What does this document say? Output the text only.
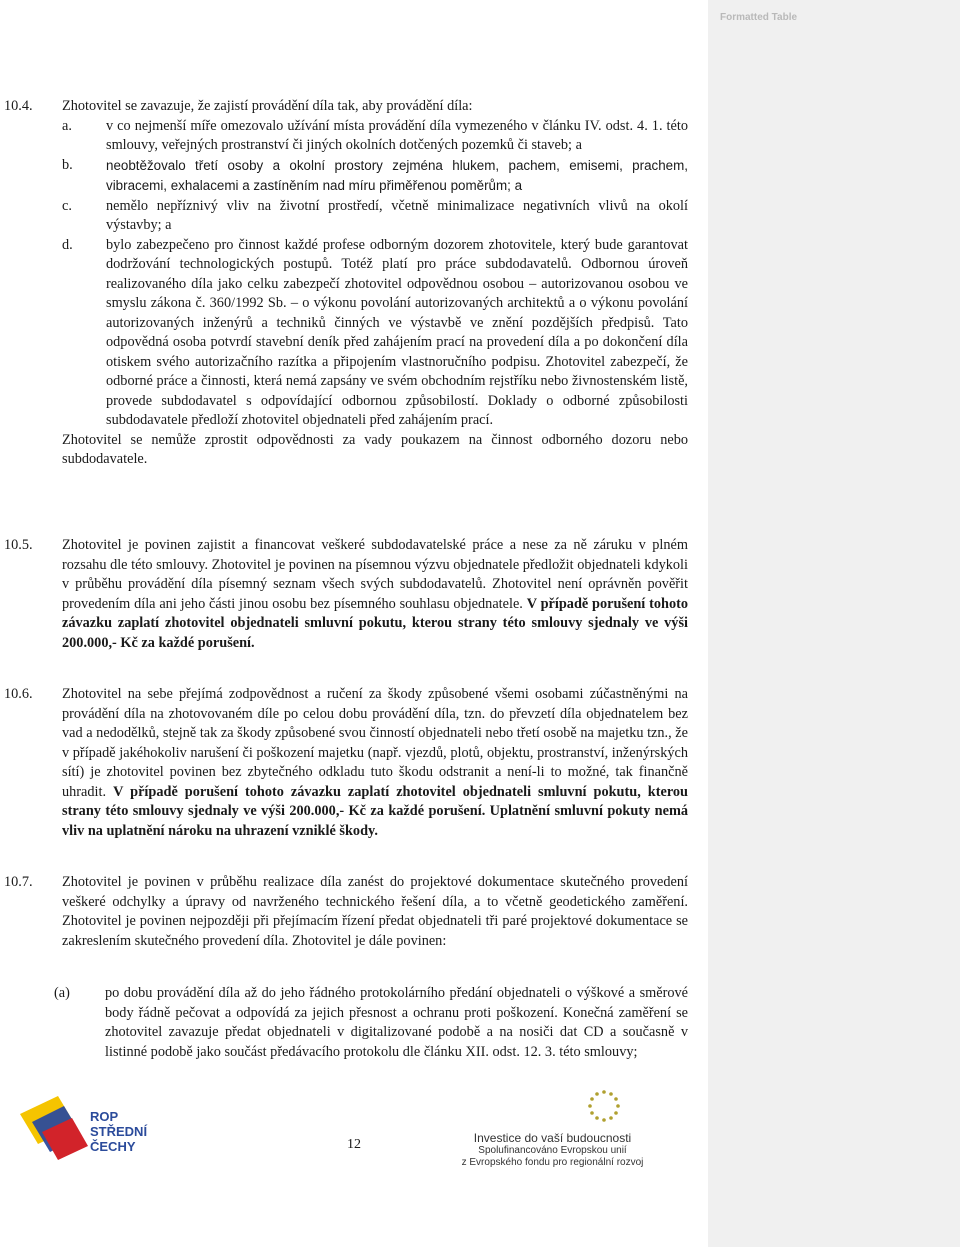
Formatted Table
10.4.	Zhotovitel se zavazuje, že zajistí provádění díla tak, aby provádění díla:

a. v co nejmenší míře omezovalo užívání místa provádění díla vymezeného v článku IV. odst. 4. 1. této smlouvy, veřejných prostranství či jiných okolních dotčených pozemků či staveb; a
b. neobtěžovalo třetí osoby a okolní prostory zejména hlukem, pachem, emisemi, prachem, vibracemi, exhalacemi a zastíněním nad míru přiměřenou poměrům; a
c. nemělo nepříznivý vliv na životní prostředí, včetně minimalizace negativních vlivů na okolí výstavby; a
d. bylo zabezpečeno pro činnost každé profese odborným dozorem zhotovitele, který bude garantovat dodržování technologických postupů. Totéž platí pro práce subdodavatelů. Odbornou úroveň realizovaného díla jako celku zabezpečí zhotovitel odpovědnou osobou – autorizovanou osobou ve smyslu zákona č. 360/1992 Sb. – o výkonu povolání autorizovaných architektů a o výkonu povolání autorizovaných inženýrů a techniků činných ve výstavbě ve znění pozdějších předpisů. Tato odpovědná osoba potvrdí stavební deník před zahájením prací na provedení díla a po dokončení díla otiskem svého autorizačního razítka a připojením vlastnoručního podpisu. Zhotovitel zabezpečí, že odborné práce a činnosti, která nemá zapsány ve svém obchodním rejstříku nebo živnostenském listě, provede subdodavatel s odpovídající odbornou způsobilostí. Doklady o odborné způsobilosti subdodavatele předloží zhotovitel objednateli před zahájením prací.

Zhotovitel se nemůže zprostit odpovědnosti za vady poukazem na činnost odborného dozoru nebo subdodavatele.

10.5.	Zhotovitel je povinen zajistit a financovat veškeré subdodavatelské práce a nese za ně záruku v plném rozsahu dle této smlouvy. Zhotovitel je povinen na písemnou výzvu objednatele předložit objednateli kdykoli v průběhu provádění díla písemný seznam všech svých subdodavatelů. Zhotovitel není oprávněn pověřit provedením díla ani jeho části jinou osobu bez písemného souhlasu objednatele. V případě porušení tohoto závazku zaplatí zhotovitel objednateli smluvní pokutu, kterou strany této smlouvy sjednaly ve výši 200.000,- Kč za každé porušení.

10.6.	Zhotovitel na sebe přejímá zodpovědnost a ručení za škody způsobené všemi osobami zúčastněnými na provádění díla na zhotovovaném díle po celou dobu provádění díla, tzn. do převzetí díla objednatelem bez vad a nedodělků, stejně tak za škody způsobené svou činností objednateli nebo třetí osobě na majetku tzn., že v případě jakéhokoliv narušení či poškození majetku (např. vjezdů, plotů, objektu, prostranství, inženýrských sítí) je zhotovitel povinen bez zbytečného odkladu tuto škodu odstranit a není-li to možné, tak finančně uhradit. V případě porušení tohoto závazku zaplatí zhotovitel objednateli smluvní pokutu, kterou strany této smlouvy sjednaly ve výši 200.000,- Kč za každé porušení. Uplatnění smluvní pokuty nemá vliv na uplatnění nároku na uhrazení vzniklé škody.

10.7.	Zhotovitel je povinen v průběhu realizace díla zanést do projektové dokumentace skutečného provedení veškeré odchylky a úpravy od navrženého technického řešení díla, a to včetně geodetického zaměření. Zhotovitel je povinen nejpozději při přejímacím řízení předat objednateli tři paré projektové dokumentace se zakreslením skutečného provedení díla. Zhotovitel je dále povinen:

(a) po dobu provádění díla až do jeho řádného protokolárního předání objednateli o výškové a směrové body řádně pečovat a odpovídá za jejich přesnost a ochranu proti poškození. Konečná zaměření se zhotovitel zavazuje předat objednateli v digitalizované podobě a na nosiči dat CD a současně v listinné podobě jako součást předávacího protokolu dle článku XII. odst. 12. 3. této smlouvy;
ROP
STŘEDNÍ
ČECHY	12	Investice do vaší budoucnosti
Spolufinancováno Evropskou unií
z Evropského fondu pro regionální rozvoj
